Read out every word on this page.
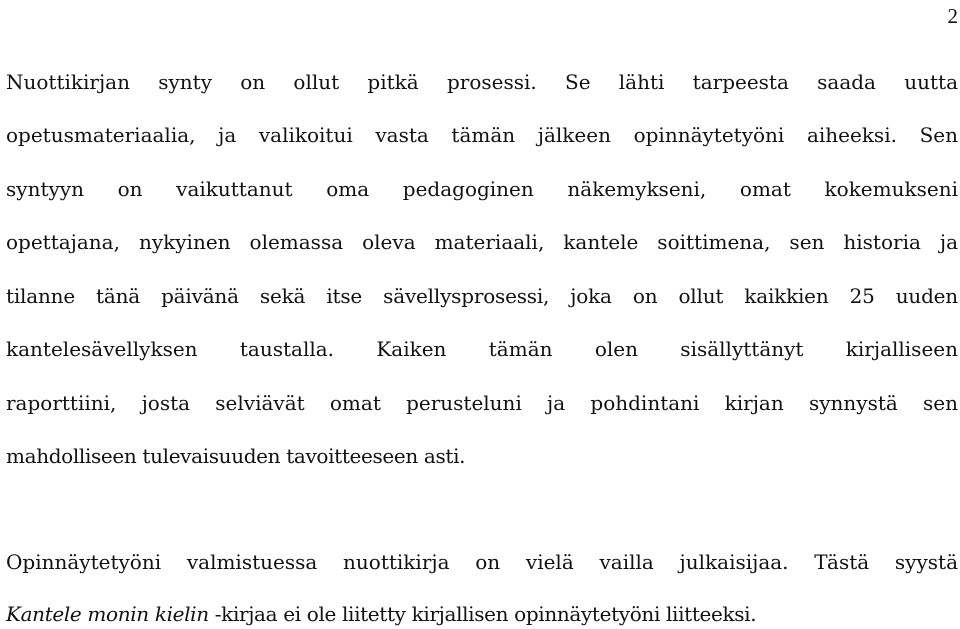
2

Nuottikirjan synty on ollut pitkä prosessi. Se lähti tarpeesta saada uutta

opetusmateriaalia, ja valikoitui vasta tämän jälkeen opinnäytetyöni aiheeksi. Sen

syntyyn on vaikuttanut oma pedagoginen näkemykseni, omat kokemukseni

opettajana, nykyinen olemassa oleva materiaali, kantele soittimena, sen historia ja

tilanne tänä päivänä sekä itse sävellysprosessi, joka on ollut kaikkien 25 uuden

kantelesävellyksen taustalla. Kaiken tämän olen sisällyttänyt kirjalliseen

raporttiini, josta selviävät omat perusteluni ja pohdintani kirjan synnystä sen

mahdolliseen tulevaisuuden tavoitteeseen asti.

Opinnäytetyöni valmistuessa nuottikirja on vielä vailla julkaisijaa. Tästä syystä

Kantele monin kielin -kirjaa ei ole liitetty kirjallisen opinnäytetyöni liitteeksi.
